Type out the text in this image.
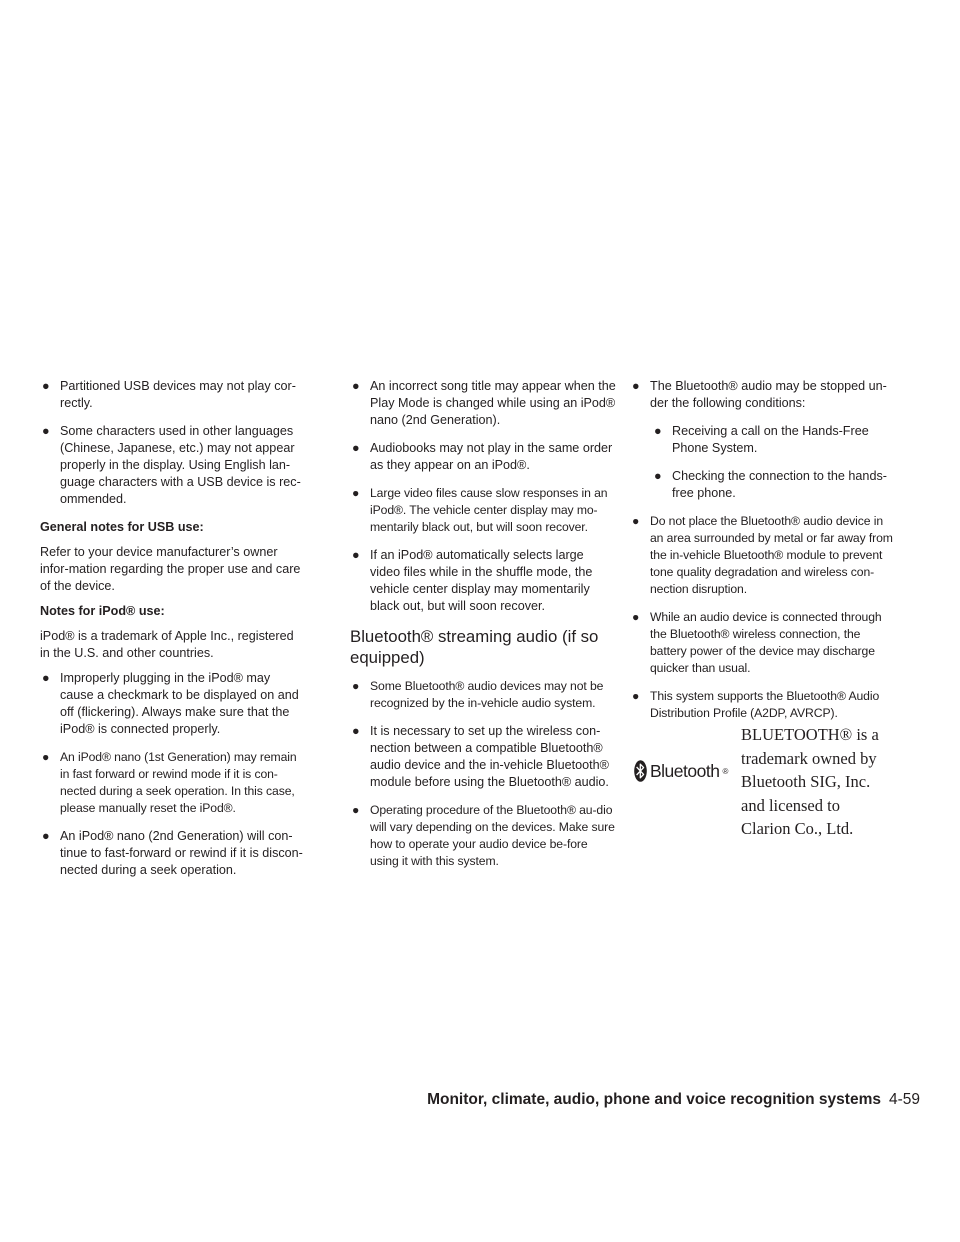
● Partitioned USB devices may not play cor-rectly.
● Some characters used in other languages (Chinese, Japanese, etc.) may not appear properly in the display. Using English lan-guage characters with a USB device is rec-ommended.
General notes for USB use:

Refer to your device manufacturer’s owner infor-mation regarding the proper use and care of the device.

Notes for iPod® use:

iPod® is a trademark of Apple Inc., registered in the U.S. and other countries.

● Improperly plugging in the iPod® may cause a checkmark to be displayed on and off (flickering). Always make sure that the iPod® is connected properly.
● An iPod® nano (1st Generation) may remain in fast forward or rewind mode if it is con-nected during a seek operation. In this case, please manually reset the iPod®.
● An iPod® nano (2nd Generation) will con-tinue to fast-forward or rewind if it is discon-nected during a seek operation.
● An incorrect song title may appear when the Play Mode is changed while using an iPod® nano (2nd Generation).
● Audiobooks may not play in the same order as they appear on an iPod®.
● Large video files cause slow responses in an iPod®. The vehicle center display may mo-mentarily black out, but will soon recover.
● If an iPod® automatically selects large video files while in the shuffle mode, the vehicle center display may momentarily black out, but will soon recover.
Bluetooth® streaming audio (if so equipped)
● Some Bluetooth® audio devices may not be recognized by the in-vehicle audio system.
● It is necessary to set up the wireless con-nection between a compatible Bluetooth® audio device and the in-vehicle Bluetooth® module before using the Bluetooth® audio.
● Operating procedure of the Bluetooth® au-dio will vary depending on the devices. Make sure how to operate your audio device be-fore using it with this system.
● The Bluetooth® audio may be stopped un-der the following conditions:
● Receiving a call on the Hands-Free Phone System.
● Checking the connection to the hands-free phone.
● Do not place the Bluetooth® audio device in an area surrounded by metal or far away from the in-vehicle Bluetooth® module to prevent tone quality degradation and wireless con-nection disruption.
● While an audio device is connected through the Bluetooth® wireless connection, the battery power of the device may discharge quicker than usual.
● This system supports the Bluetooth® Audio Distribution Profile (A2DP, AVRCP).
Bluetooth ®
BLUETOOTH® is a
trademark owned by
Bluetooth SIG, Inc.
and licensed to
Clarion Co., Ltd.
Monitor, climate, audio, phone and voice recognition systems 4-59
